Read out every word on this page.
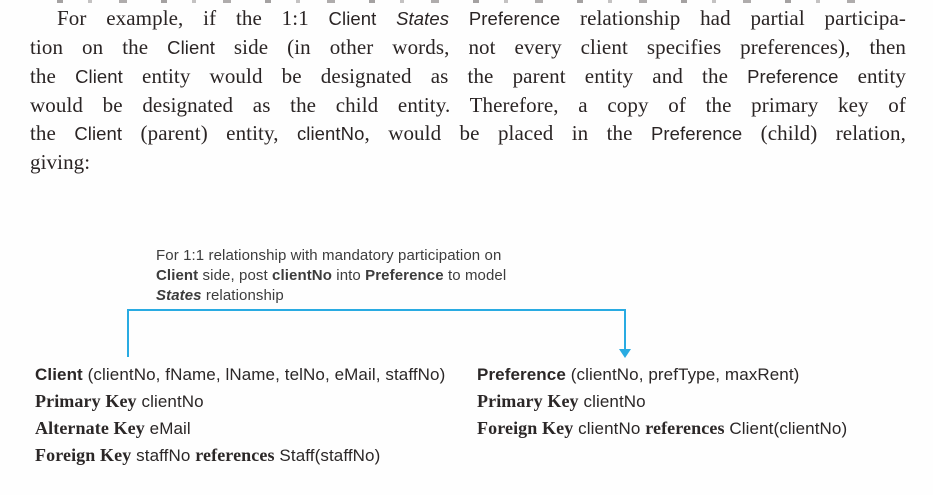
For example, if the 1:1 Client States Preference relationship had partial participa-
tion on the Client side (in other words, not every client specifies preferences), then
the Client entity would be designated as the parent entity and the Preference entity
would be designated as the child entity. Therefore, a copy of the primary key of
the Client (parent) entity, clientNo, would be placed in the Preference (child) relation,
giving:
For 1:1 relationship with mandatory participation on
Client side, post clientNo into Preference to model
States relationship
Client (clientNo, fName, lName, telNo, eMail, staffNo)
Primary Key clientNo
Alternate Key eMail
Foreign Key staffNo references Staff(staffNo)
Preference (clientNo, prefType, maxRent)
Primary Key clientNo
Foreign Key clientNo references Client(clientNo)
